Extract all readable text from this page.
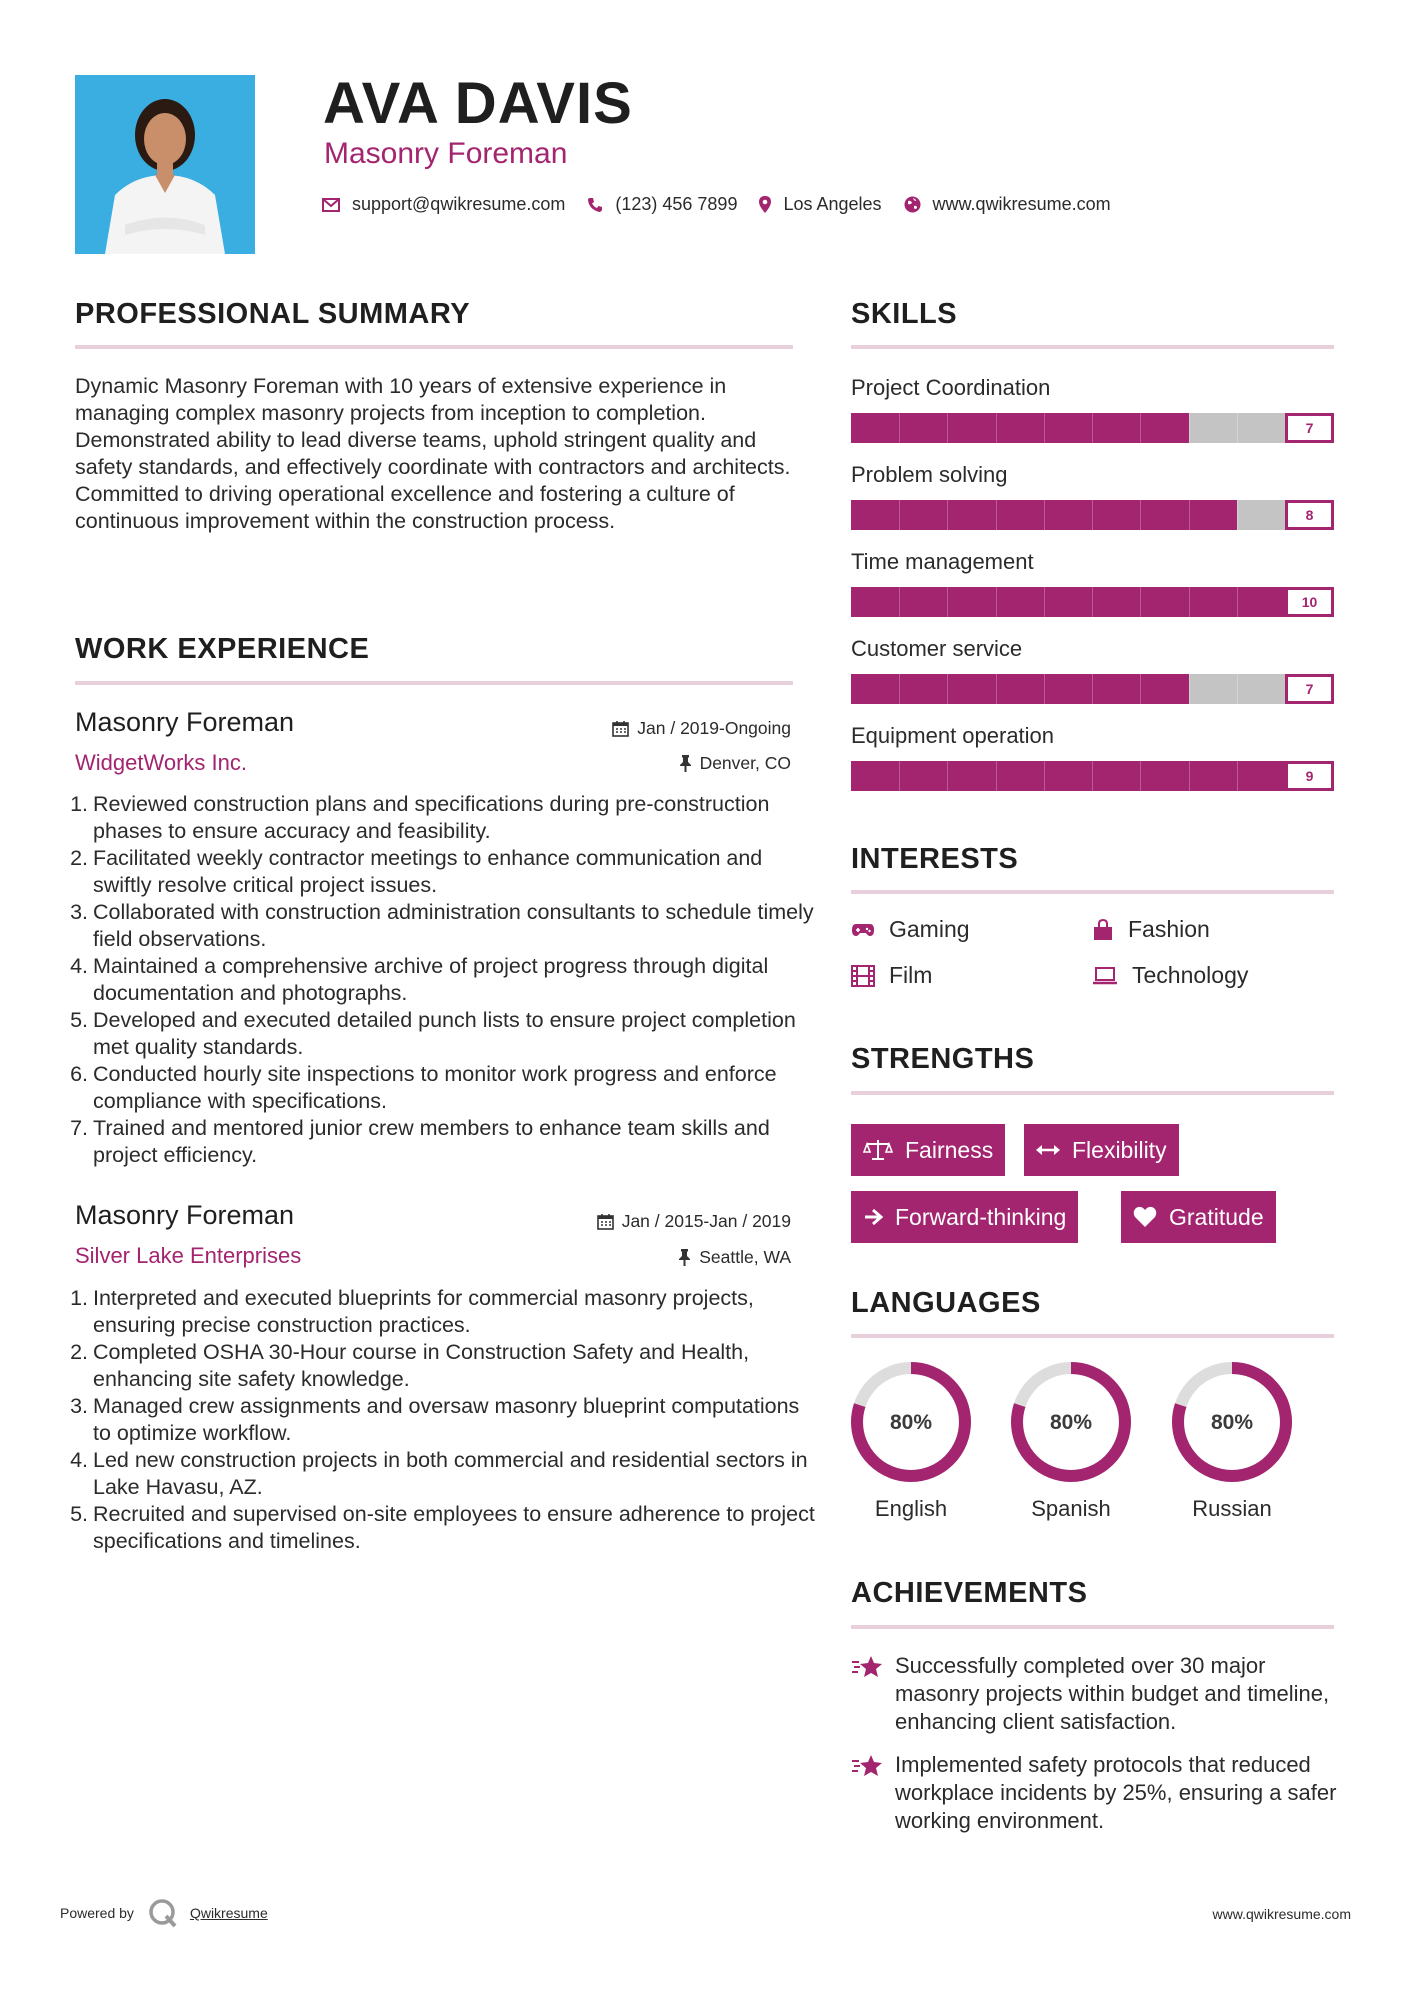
AVA DAVIS
Masonry Foreman
support@qwikresume.com	(123) 456 7899	Los Angeles	www.qwikresume.com
PROFESSIONAL SUMMARY
Dynamic Masonry Foreman with 10 years of extensive experience in managing complex masonry projects from inception to completion. Demonstrated ability to lead diverse teams, uphold stringent quality and safety standards, and effectively coordinate with contractors and architects. Committed to driving operational excellence and fostering a culture of continuous improvement within the construction process.
WORK EXPERIENCE
Masonry Foreman	Jan / 2019-Ongoing
WidgetWorks Inc.	Denver, CO
1. Reviewed construction plans and specifications during pre-construction phases to ensure accuracy and feasibility.
2. Facilitated weekly contractor meetings to enhance communication and swiftly resolve critical project issues.
3. Collaborated with construction administration consultants to schedule timely field observations.
4. Maintained a comprehensive archive of project progress through digital documentation and photographs.
5. Developed and executed detailed punch lists to ensure project completion met quality standards.
6. Conducted hourly site inspections to monitor work progress and enforce compliance with specifications.
7. Trained and mentored junior crew members to enhance team skills and project efficiency.
Masonry Foreman	Jan / 2015-Jan / 2019
Silver Lake Enterprises	Seattle, WA
1. Interpreted and executed blueprints for commercial masonry projects, ensuring precise construction practices.
2. Completed OSHA 30-Hour course in Construction Safety and Health, enhancing site safety knowledge.
3. Managed crew assignments and oversaw masonry blueprint computations to optimize workflow.
4. Led new construction projects in both commercial and residential sectors in Lake Havasu, AZ.
5. Recruited and supervised on-site employees to ensure adherence to project specifications and timelines.
SKILLS
Project Coordination
7
Problem solving
8
Time management
10
Customer service
7
Equipment operation
9
INTERESTS
Gaming	Fashion
Film	Technology
STRENGTHS
Fairness	Flexibility
Forward-thinking	Gratitude
LANGUAGES
80%
English
80%
Spanish
80%
Russian
ACHIEVEMENTS
Successfully completed over 30 major masonry projects within budget and timeline, enhancing client satisfaction.
Implemented safety protocols that reduced workplace incidents by 25%, ensuring a safer working environment.
Powered by	Qwikresume	www.qwikresume.com
